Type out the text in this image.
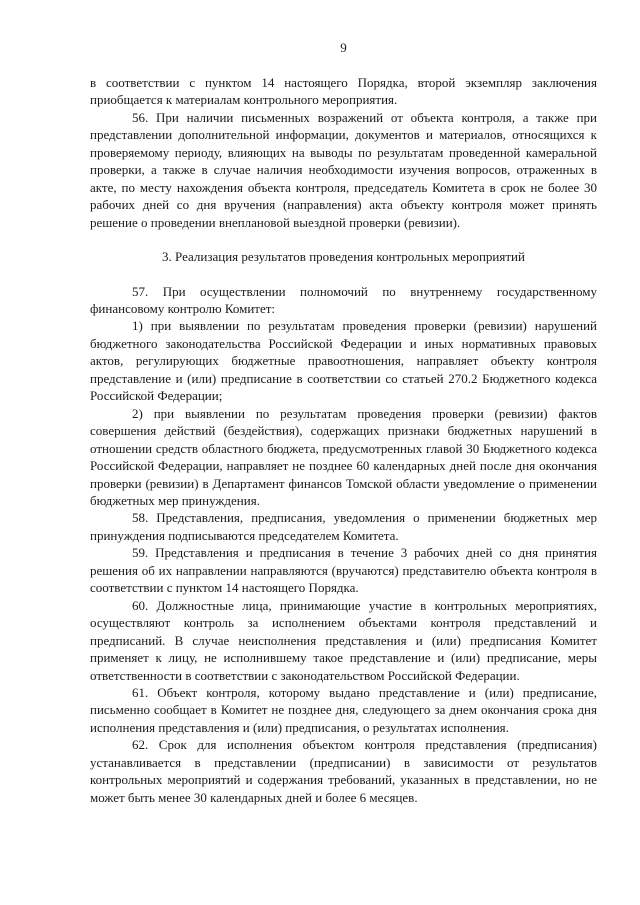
9

в соответствии с пунктом 14 настоящего Порядка, второй экземпляр заключения приобщается к материалам контрольного мероприятия.

56. При наличии письменных возражений от объекта контроля, а также при представлении дополнительной информации, документов и материалов, относящихся к проверяемому периоду, влияющих на выводы по результатам проведенной камеральной проверки, а также в случае наличия необходимости изучения вопросов, отраженных в акте, по месту нахождения объекта контроля, председатель Комитета в срок не более 30 рабочих дней со дня вручения (направления) акта объекту контроля может принять решение о проведении внеплановой выездной проверки (ревизии).

3. Реализация результатов проведения контрольных мероприятий

57. При осуществлении полномочий по внутреннему государственному финансовому контролю Комитет:

1) при выявлении по результатам проведения проверки (ревизии) нарушений бюджетного законодательства Российской Федерации и иных нормативных правовых актов, регулирующих бюджетные правоотношения, направляет объекту контроля представление и (или) предписание в соответствии со статьей 270.2 Бюджетного кодекса Российской Федерации;

2) при выявлении по результатам проведения проверки (ревизии) фактов совершения действий (бездействия), содержащих признаки бюджетных нарушений в отношении средств областного бюджета, предусмотренных главой 30 Бюджетного кодекса Российской Федерации, направляет не позднее 60 календарных дней после дня окончания проверки (ревизии) в Департамент финансов Томской области уведомление о применении бюджетных мер принуждения.

58. Представления, предписания, уведомления о применении бюджетных мер принуждения подписываются председателем Комитета.

59. Представления и предписания в течение 3 рабочих дней со дня принятия решения об их направлении направляются (вручаются) представителю объекта контроля в соответствии с пунктом 14 настоящего Порядка.

60. Должностные лица, принимающие участие в контрольных мероприятиях, осуществляют контроль за исполнением объектами контроля представлений и предписаний. В случае неисполнения представления и (или) предписания Комитет применяет к лицу, не исполнившему такое представление и (или) предписание, меры ответственности в соответствии с законодательством Российской Федерации.

61. Объект контроля, которому выдано представление и (или) предписание, письменно сообщает в Комитет не позднее дня, следующего за днем окончания срока дня исполнения представления и (или) предписания, о результатах исполнения.

62. Срок для исполнения объектом контроля представления (предписания) устанавливается в представлении (предписании) в зависимости от результатов контрольных мероприятий и содержания требований, указанных в представлении, но не может быть менее 30 календарных дней и более 6 месяцев.
